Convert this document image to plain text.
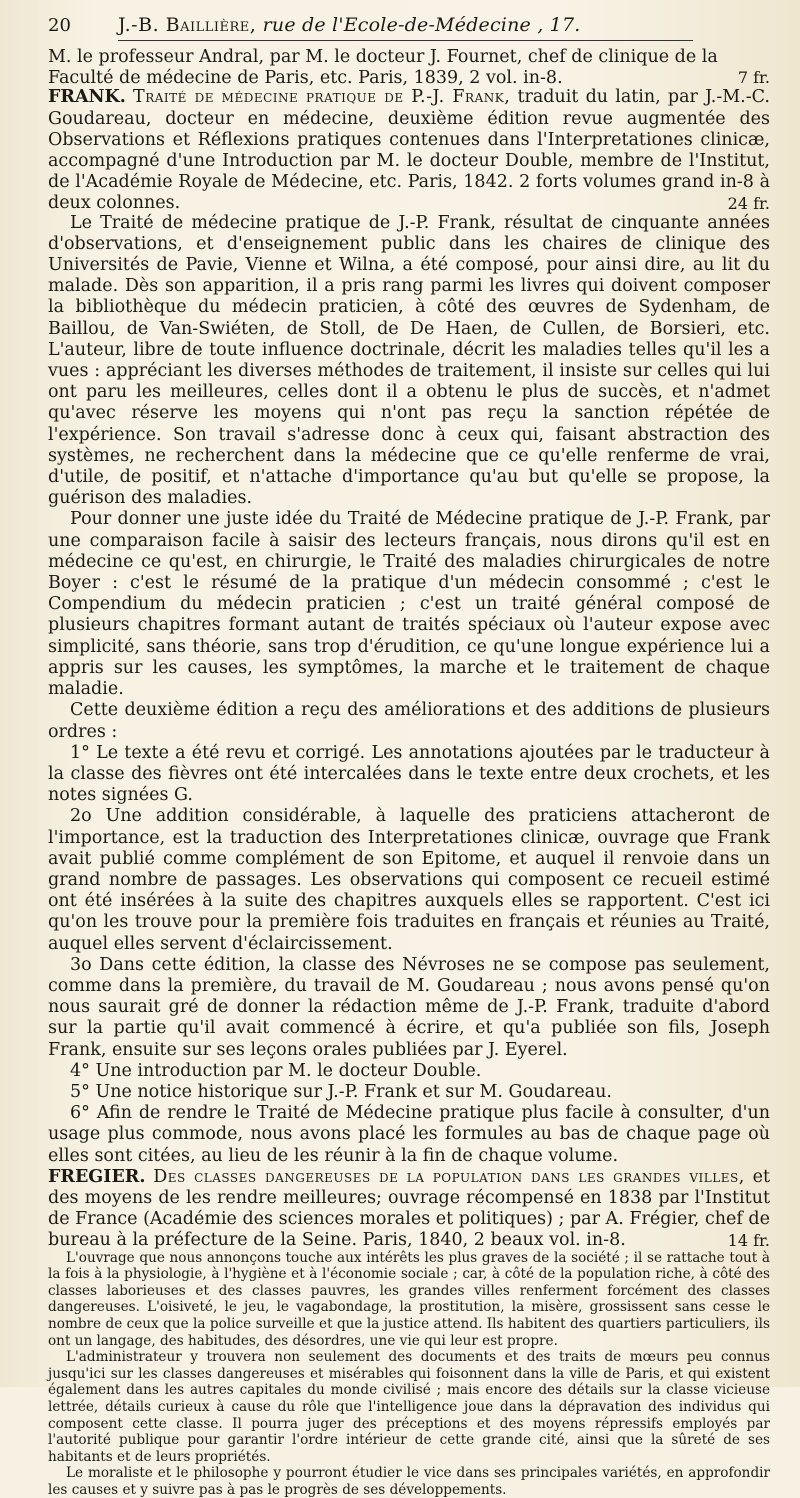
20	J.-B. Baillière, rue de l'Ecole-de-Médecine , 17.

M. le professeur Andral, par M. le docteur J. Fournet, chef de clinique de la

Faculté de médecine de Paris, etc. Paris, 1839, 2 vol. in-8.	7 fr.

FRANK. Traité de médecine pratique de P.-J. Frank, traduit du latin, par J.-M.-C. Goudareau, docteur en médecine, deuxième édition revue augmentée des Observations et Réflexions pratiques contenues dans l'Interpretationes clinicæ, accompagné d'une Introduction par M. le docteur Double, membre de l'Institut, de l'Académie Royale de Médecine, etc. Paris, 1842. 2 forts volumes grand in-8 à deux colonnes.	24 fr.

Le Traité de médecine pratique de J.-P. Frank, résultat de cinquante années d'observations, et d'enseignement public dans les chaires de clinique des Universités de Pavie, Vienne et Wilna, a été composé, pour ainsi dire, au lit du malade. Dès son apparition, il a pris rang parmi les livres qui doivent composer la bibliothèque du médecin praticien, à côté des œuvres de Sydenham, de Baillou, de Van-Swiéten, de Stoll, de De Haen, de Cullen, de Borsieri, etc. L'auteur, libre de toute influence doctrinale, décrit les maladies telles qu'il les a vues : appréciant les diverses méthodes de traitement, il insiste sur celles qui lui ont paru les meilleures, celles dont il a obtenu le plus de succès, et n'admet qu'avec réserve les moyens qui n'ont pas reçu la sanction répétée de l'expérience. Son travail s'adresse donc à ceux qui, faisant abstraction des systèmes, ne recherchent dans la médecine que ce qu'elle renferme de vrai, d'utile, de positif, et n'attache d'importance qu'au but qu'elle se propose, la guérison des maladies.

Pour donner une juste idée du Traité de Médecine pratique de J.-P. Frank, par une comparaison facile à saisir des lecteurs français, nous dirons qu'il est en médecine ce qu'est, en chirurgie, le Traité des maladies chirurgicales de notre Boyer : c'est le résumé de la pratique d'un médecin consommé ; c'est le Compendium du médecin praticien ; c'est un traité général composé de plusieurs chapitres formant autant de traités spéciaux où l'auteur expose avec simplicité, sans théorie, sans trop d'érudition, ce qu'une longue expérience lui a appris sur les causes, les symptômes, la marche et le traitement de chaque maladie.

Cette deuxième édition a reçu des améliorations et des additions de plusieurs ordres :

1° Le texte a été revu et corrigé. Les annotations ajoutées par le traducteur à la classe des fièvres ont été intercalées dans le texte entre deux crochets, et les notes signées G.

2o Une addition considérable, à laquelle des praticiens attacheront de l'importance, est la traduction des Interpretationes clinicæ, ouvrage que Frank avait publié comme complément de son Epitome, et auquel il renvoie dans un grand nombre de passages. Les observations qui composent ce recueil estimé ont été insérées à la suite des chapitres auxquels elles se rapportent. C'est ici qu'on les trouve pour la première fois traduites en français et réunies au Traité, auquel elles servent d'éclaircissement.

3o Dans cette édition, la classe des Névroses ne se compose pas seulement, comme dans la première, du travail de M. Goudareau ; nous avons pensé qu'on nous saurait gré de donner la rédaction même de J.-P. Frank, traduite d'abord sur la partie qu'il avait commencé à écrire, et qu'a publiée son fils, Joseph Frank, ensuite sur ses leçons orales publiées par J. Eyerel.

4° Une introduction par M. le docteur Double.

5° Une notice historique sur J.-P. Frank et sur M. Goudareau.

6° Afin de rendre le Traité de Médecine pratique plus facile à consulter, d'un usage plus commode, nous avons placé les formules au bas de chaque page où elles sont citées, au lieu de les réunir à la fin de chaque volume.

FREGIER. Des classes dangereuses de la population dans les grandes villes, et des moyens de les rendre meilleures; ouvrage récompensé en 1838 par l'Institut de France (Académie des sciences morales et politiques) ; par A. Frégier, chef de bureau à la préfecture de la Seine. Paris, 1840, 2 beaux vol. in-8.	14 fr.

L'ouvrage que nous annonçons touche aux intérêts les plus graves de la société ; il se rattache tout à la fois à la physiologie, à l'hygiène et à l'économie sociale ; car, à côté de la population riche, à côté des classes laborieuses et des classes pauvres, les grandes villes renferment forcément des classes dangereuses. L'oisiveté, le jeu, le vagabondage, la prostitution, la misère, grossissent sans cesse le nombre de ceux que la police surveille et que la justice attend. Ils habitent des quartiers particuliers, ils ont un langage, des habitudes, des désordres, une vie qui leur est propre.

L'administrateur y trouvera non seulement des documents et des traits de mœurs peu connus jusqu'ici sur les classes dangereuses et misérables qui foisonnent dans la ville de Paris, et qui existent également dans les autres capitales du monde civilisé ; mais encore des détails sur la classe vicieuse lettrée, détails curieux à cause du rôle que l'intelligence joue dans la dépravation des individus qui composent cette classe. Il pourra juger des préceptions et des moyens répressifs employés par l'autorité publique pour garantir l'ordre intérieur de cette grande cité, ainsi que la sûreté de ses habitants et de leurs propriétés.

Le moraliste et le philosophe y pourront étudier le vice dans ses principales variétés, en approfondir les causes et y suivre pas à pas le progrès de ses développements.
